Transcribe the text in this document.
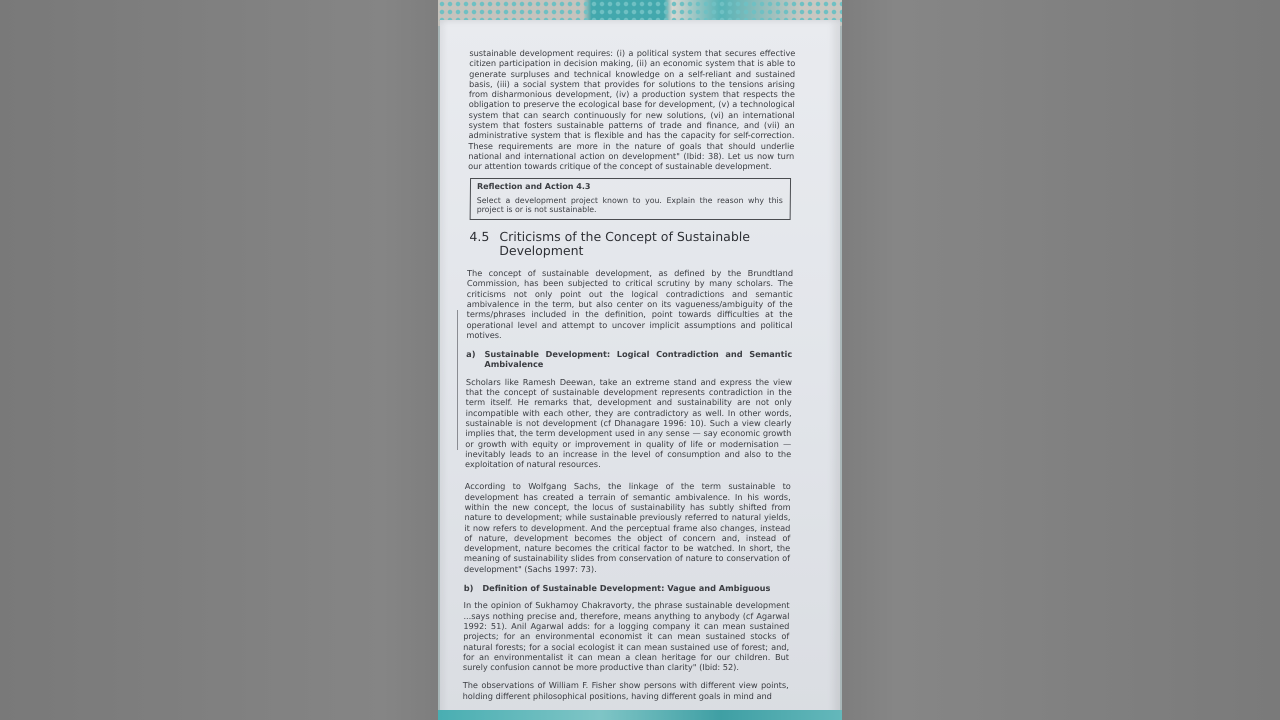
sustainable development requires: (i) a political system that secures effective citizen participation in decision making, (ii) an economic system that is able to generate surpluses and technical knowledge on a self-reliant and sustained basis, (iii) a social system that provides for solutions to the tensions arising from disharmonious development, (iv) a production system that respects the obligation to preserve the ecological base for development, (v) a technological system that can search continuously for new solutions, (vi) an international system that fosters sustainable patterns of trade and finance, and (vii) an administrative system that is flexible and has the capacity for self-correction. These requirements are more in the nature of goals that should underlie national and international action on development" (Ibid: 38). Let us now turn our attention towards critique of the concept of sustainable development.

Reflection and Action 4.3
Select a development project known to you. Explain the reason why this project is or is not sustainable.
4.5 Criticisms of the Concept of Sustainable Development

The concept of sustainable development, as defined by the Brundtland Commission, has been subjected to critical scrutiny by many scholars. The criticisms not only point out the logical contradictions and semantic ambivalence in the term, but also center on its vagueness/ambiguity of the terms/phrases included in the definition, point towards difficulties at the operational level and attempt to uncover implicit assumptions and political motives.

a) Sustainable Development: Logical Contradiction and Semantic Ambivalence

Scholars like Ramesh Deewan, take an extreme stand and express the view that the concept of sustainable development represents contradiction in the term itself. He remarks that, development and sustainability are not only incompatible with each other, they are contradictory as well. In other words, sustainable is not development (cf Dhanagare 1996: 10). Such a view clearly implies that, the term development used in any sense — say economic growth or growth with equity or improvement in quality of life or modernisation — inevitably leads to an increase in the level of consumption and also to the exploitation of natural resources.

According to Wolfgang Sachs, the linkage of the term sustainable to development has created a terrain of semantic ambivalence. In his words, within the new concept, the locus of sustainability has subtly shifted from nature to development; while sustainable previously referred to natural yields, it now refers to development. And the perceptual frame also changes, instead of nature, development becomes the object of concern and, instead of development, nature becomes the critical factor to be watched. In short, the meaning of sustainability slides from conservation of nature to conservation of development" (Sachs 1997: 73).

b) Definition of Sustainable Development: Vague and Ambiguous

In the opinion of Sukhamoy Chakravorty, the phrase sustainable development ...says nothing precise and, therefore, means anything to anybody (cf Agarwal 1992: 51). Anil Agarwal adds: for a logging company it can mean sustained projects; for an environmental economist it can mean sustained stocks of natural forests; for a social ecologist it can mean sustained use of forest; and, for an environmentalist it can mean a clean heritage for our children. But surely confusion cannot be more productive than clarity" (Ibid: 52).

The observations of William F. Fisher show persons with different view points, holding different philosophical positions, having different goals in mind and
